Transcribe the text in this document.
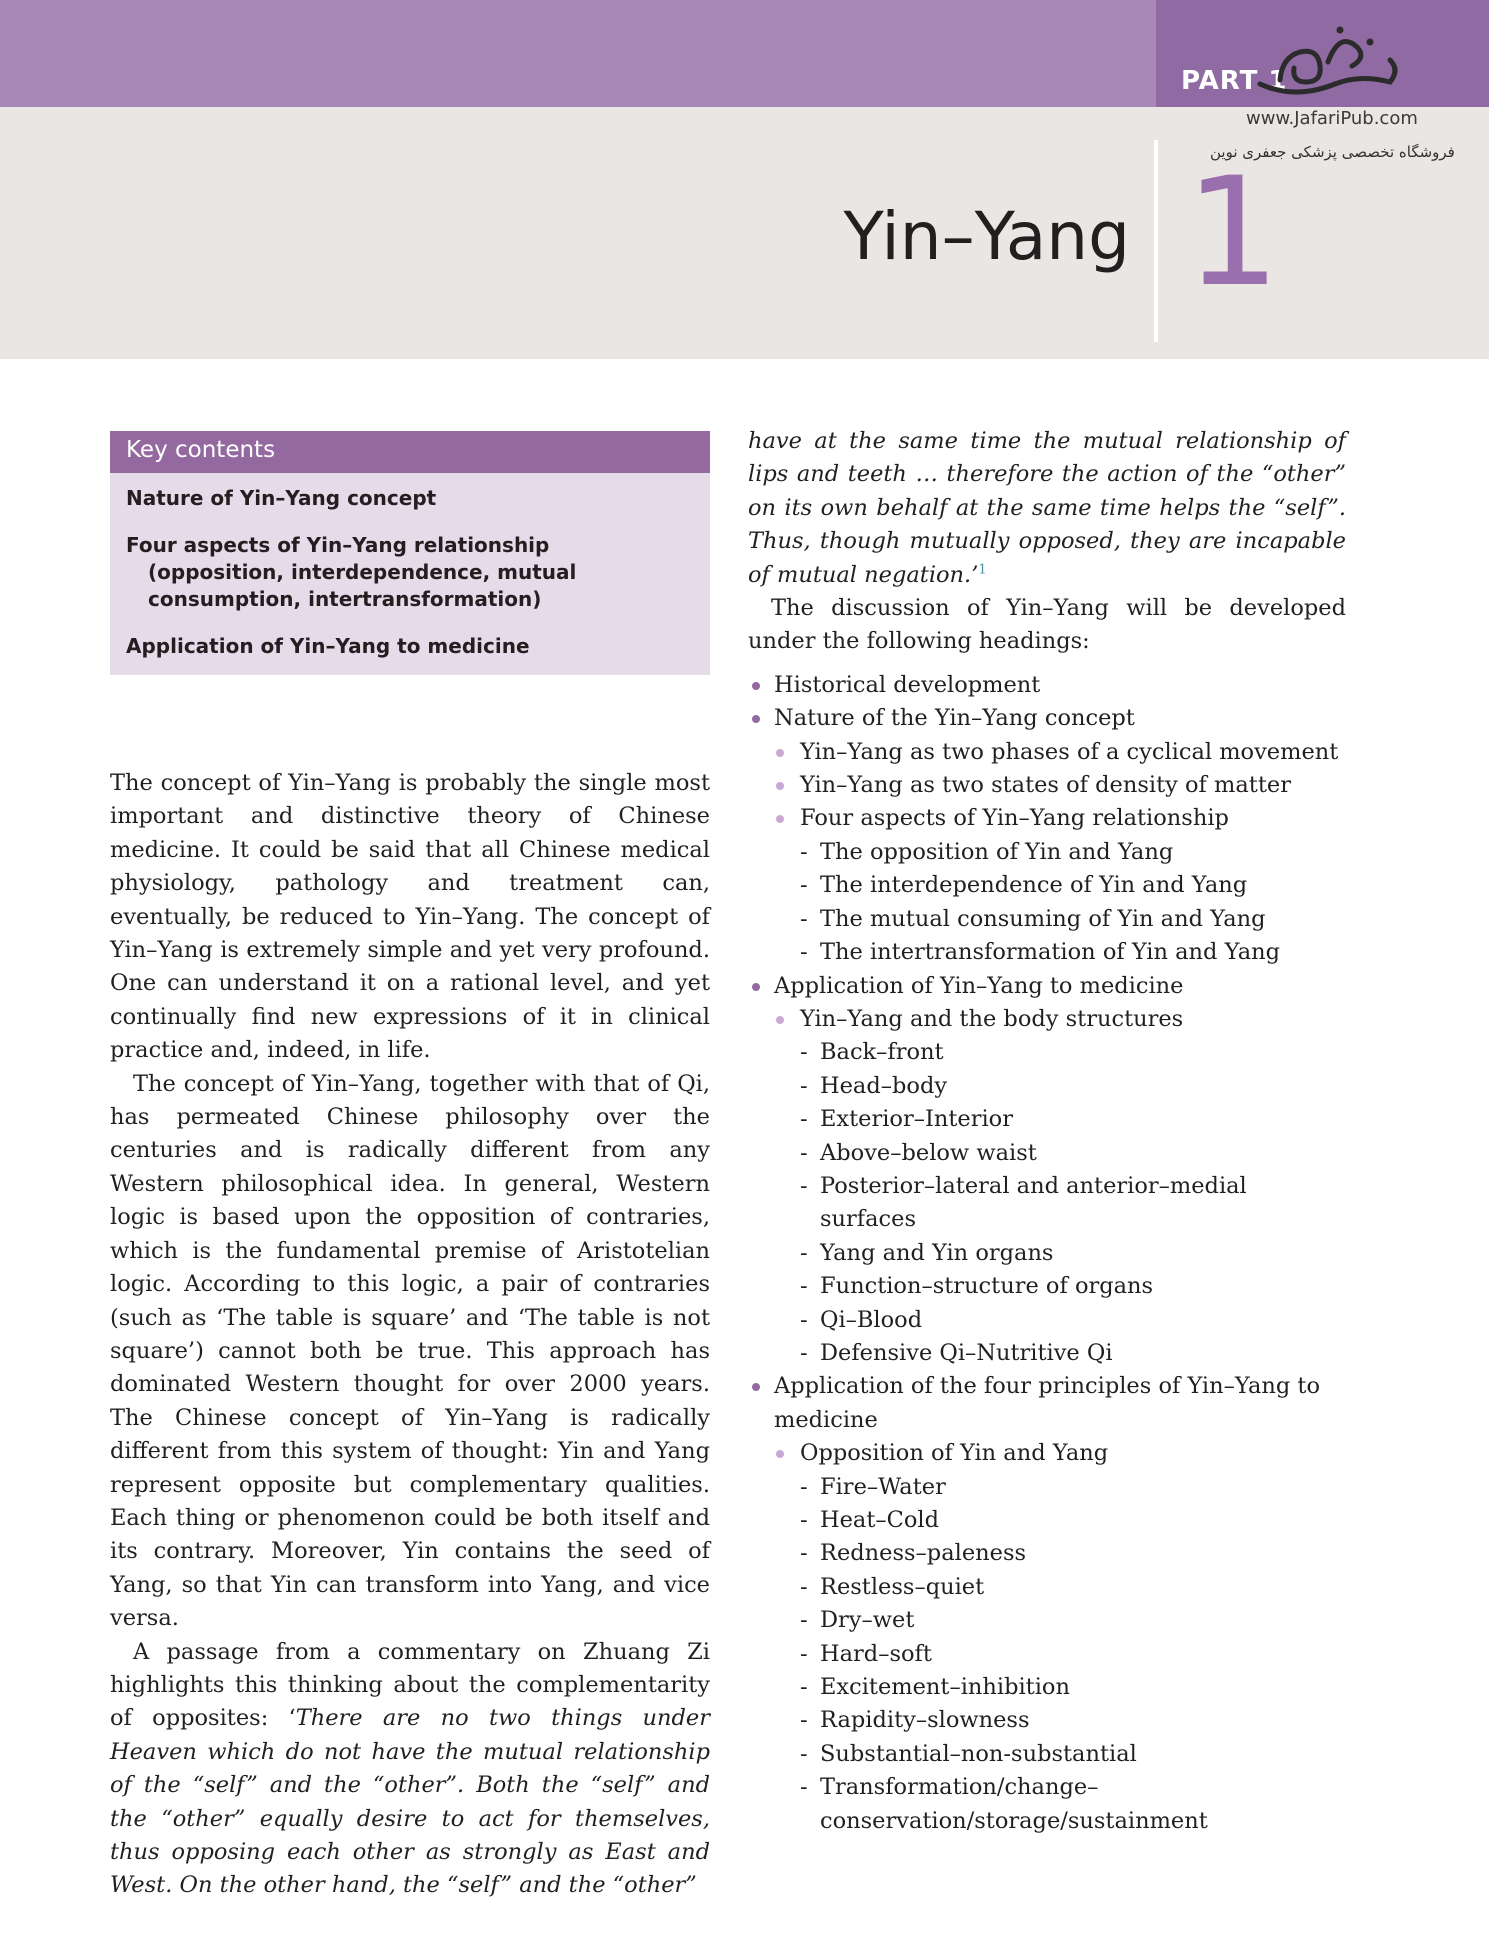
PART 1
www.JafariPub.com
فروشگاه تخصصی پزشکی جعفری نوین
Yin–Yang 1
Key contents
Nature of Yin–Yang concept
Four aspects of Yin–Yang relationship (opposition, interdependence, mutual consumption, intertransformation)
Application of Yin–Yang to medicine

The concept of Yin–Yang is probably the single most important and distinctive theory of Chinese medicine. It could be said that all Chinese medical physiology, pathology and treatment can, eventually, be reduced to Yin–Yang. The concept of Yin–Yang is extremely simple and yet very profound. One can understand it on a rational level, and yet continually find new expressions of it in clinical practice and, indeed, in life.

The concept of Yin–Yang, together with that of Qi, has permeated Chinese philosophy over the centuries and is radically different from any Western philosophical idea. In general, Western logic is based upon the opposition of contraries, which is the fundamental premise of Aristotelian logic. According to this logic, a pair of contraries (such as ‘The table is square’ and ‘The table is not square’) cannot both be true. This approach has dominated Western thought for over 2000 years. The Chinese concept of Yin–Yang is radically different from this system of thought: Yin and Yang represent opposite but complementary qualities. Each thing or phenomenon could be both itself and its contrary. Moreover, Yin contains the seed of Yang, so that Yin can transform into Yang, and vice versa.

A passage from a commentary on Zhuang Zi highlights this thinking about the complementarity of opposites: ‘There are no two things under Heaven which do not have the mutual relationship of the “self” and the “other”. Both the “self” and the “other” equally desire to act for themselves, thus opposing each other as strongly as East and West. On the other hand, the “self” and the “other”

have at the same time the mutual relationship of lips and teeth … therefore the action of the “other” on its own behalf at the same time helps the “self”. Thus, though mutually opposed, they are incapable of mutual negation.’$^1$

The discussion of Yin–Yang will be developed under the following headings:

Historical development
Nature of the Yin–Yang concept
Yin–Yang as two phases of a cyclical movement
Yin–Yang as two states of density of matter
Four aspects of Yin–Yang relationship
- The opposition of Yin and Yang
- The interdependence of Yin and Yang
- The mutual consuming of Yin and Yang
- The intertransformation of Yin and Yang
Application of Yin–Yang to medicine
Yin–Yang and the body structures
- Back–front
- Head–body
- Exterior–Interior
- Above–below waist
- Posterior–lateral and anterior–medial surfaces
- Yang and Yin organs
- Function–structure of organs
- Qi–Blood
- Defensive Qi–Nutritive Qi
Application of the four principles of Yin–Yang to medicine
Opposition of Yin and Yang
- Fire–Water
- Heat–Cold
- Redness–paleness
- Restless–quiet
- Dry–wet
- Hard–soft
- Excitement–inhibition
- Rapidity–slowness
- Substantial–non-substantial
- Transformation/change–conservation/storage/sustainment
